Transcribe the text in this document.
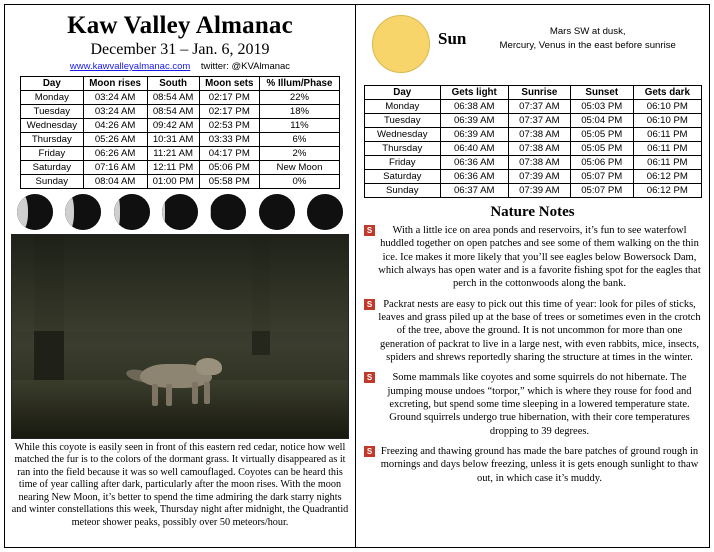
Kaw Valley Almanac
December 31 – Jan. 6, 2019
www.kawvalleyalmanac.com twitter: @KVAlmanac
Day	Moon rises	South	Moon sets	% Illum/Phase
Monday	03:24 AM	08:54 AM	02:17 PM	22%
Tuesday	03:24 AM	08:54 AM	02:17 PM	18%
Wednesday	04:26 AM	09:42 AM	02:53 PM	11%
Thursday	05:26 AM	10:31 AM	03:33 PM	6%
Friday	06:26 AM	11:21 AM	04:17 PM	2%
Saturday	07:16 AM	12:11 PM	05:06 PM	New Moon
Sunday	08:04 AM	01:00 PM	05:58 PM	0%
While this coyote is easily seen in front of this eastern red cedar, notice how well matched the fur is to the colors of the dormant grass. It virtually disappeared as it ran into the field because it was so well camouflaged. Coyotes can be heard this time of year calling after dark, particularly after the moon rises. With the moon nearing New Moon, it’s better to spend the time admiring the dark starry nights and winter constellations this week, Thursday night after midnight, the Quadrantid meteor shower peaks, possibly over 50 meteors/hour.
Sun	Mars SW at dusk,
Mercury, Venus in the east before sunrise
Day	Gets light	Sunrise	Sunset	Gets dark
Monday	06:38 AM	07:37 AM	05:03 PM	06:10 PM
Tuesday	06:39 AM	07:37 AM	05:04 PM	06:10 PM
Wednesday	06:39 AM	07:38 AM	05:05 PM	06:11 PM
Thursday	06:40 AM	07:38 AM	05:05 PM	06:11 PM
Friday	06:36 AM	07:38 AM	05:06 PM	06:11 PM
Saturday	06:36 AM	07:39 AM	05:07 PM	06:12 PM
Sunday	06:37 AM	07:39 AM	05:07 PM	06:12 PM
Nature Notes
S	With a little ice on area ponds and reservoirs, it’s fun to see waterfowl huddled together on open patches and see some of them walking on the thin ice. Ice makes it more likely that you’ll see eagles below Bowersock Dam, which always has open water and is a favorite fishing spot for the eagles that perch in the cottonwoods along the bank.
S	Packrat nests are easy to pick out this time of year: look for piles of sticks, leaves and grass piled up at the base of trees or sometimes even in the crotch of the tree, above the ground. It is not uncommon for more than one generation of packrat to live in a large nest, with even rabbits, mice, insects, spiders and shrews reportedly sharing the structure at times in the winter.
S	Some mammals like coyotes and some squirrels do not hibernate. The jumping mouse undoes “torpor,” which is where they rouse for food and excreting, but spend some time sleeping in a lowered temperature state. Ground squirrels undergo true hibernation, with their core temperatures dropping to 39 degrees.
S Freezing and thawing ground has made the bare patches of ground rough in mornings and days below freezing, unless it is gets enough sunlight to thaw out, in which case it’s muddy.
